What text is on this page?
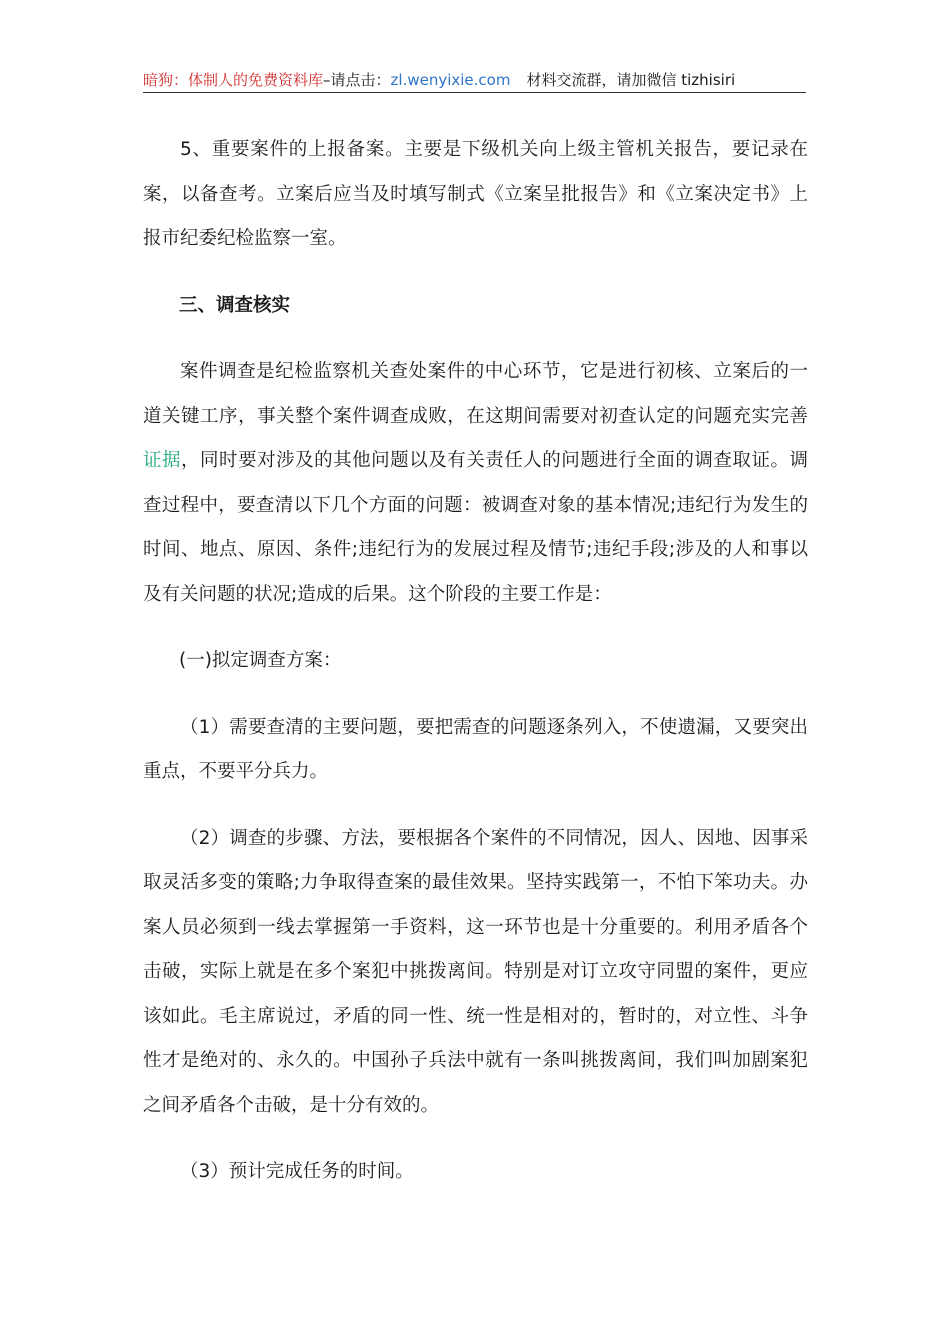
暗狗：体制人的免费资料库–请点击：zl.wenyixie.com 材料交流群，请加微信 tizhisiri

5、重要案件的上报备案。主要是下级机关向上级主管机关报告，要记录在案，以备查考。立案后应当及时填写制式《立案呈批报告》和《立案决定书》上报市纪委纪检监察一室。

三、调查核实

案件调查是纪检监察机关查处案件的中心环节，它是进行初核、立案后的一道关键工序，事关整个案件调查成败，在这期间需要对初查认定的问题充实完善证据，同时要对涉及的其他问题以及有关责任人的问题进行全面的调查取证。调查过程中，要查清以下几个方面的问题：被调查对象的基本情况;违纪行为发生的时间、地点、原因、条件;违纪行为的发展过程及情节;违纪手段;涉及的人和事以及有关问题的状况;造成的后果。这个阶段的主要工作是：

(一)拟定调查方案：

（1）需要查清的主要问题，要把需查的问题逐条列入，不使遗漏，又要突出重点，不要平分兵力。

（2）调查的步骤、方法，要根据各个案件的不同情况，因人、因地、因事采取灵活多变的策略;力争取得查案的最佳效果。坚持实践第一，不怕下笨功夫。办案人员必须到一线去掌握第一手资料，这一环节也是十分重要的。利用矛盾各个击破，实际上就是在多个案犯中挑拨离间。特别是对订立攻守同盟的案件，更应该如此。毛主席说过，矛盾的同一性、统一性是相对的，暂时的，对立性、斗争性才是绝对的、永久的。中国孙子兵法中就有一条叫挑拨离间，我们叫加剧案犯之间矛盾各个击破，是十分有效的。

（3）预计完成任务的时间。
